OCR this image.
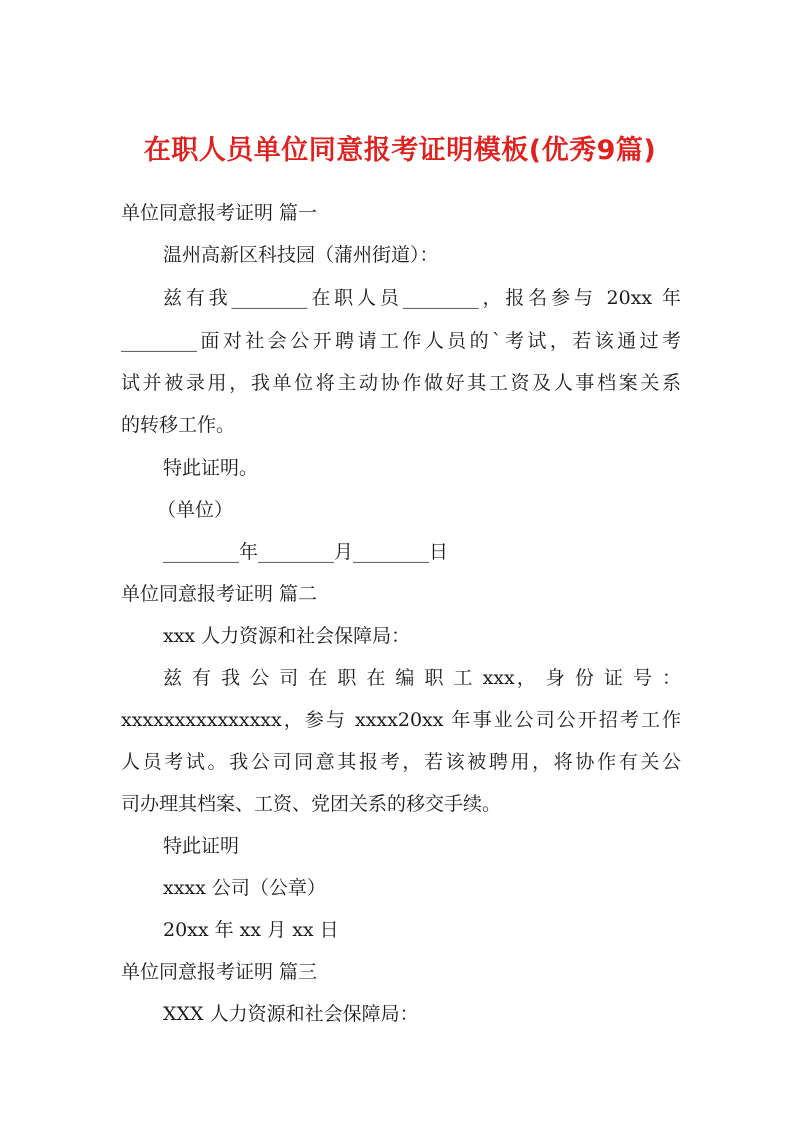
在职人员单位同意报考证明模板(优秀9篇)
单位同意报考证明 篇一
温州高新区科技园（蒲州街道）：
兹有我________在职人员________，报名参与 20xx 年
________面对社会公开聘请工作人员的`考试，若该通过考
试并被录用，我单位将主动协作做好其工资及人事档案关系
的转移工作。
特此证明。
（单位）
________年________月________日
单位同意报考证明 篇二
xxx 人力资源和社会保障局：
兹 有 我 公 司 在 职 在 编 职 工 xxx， 身 份 证 号 ：
xxxxxxxxxxxxxxx，参与 xxxx20xx 年事业公司公开招考工作
人员考试。我公司同意其报考，若该被聘用，将协作有关公
司办理其档案、工资、党团关系的移交手续。
特此证明
xxxx 公司（公章）
20xx 年 xx 月 xx 日
单位同意报考证明 篇三
XXX 人力资源和社会保障局：
